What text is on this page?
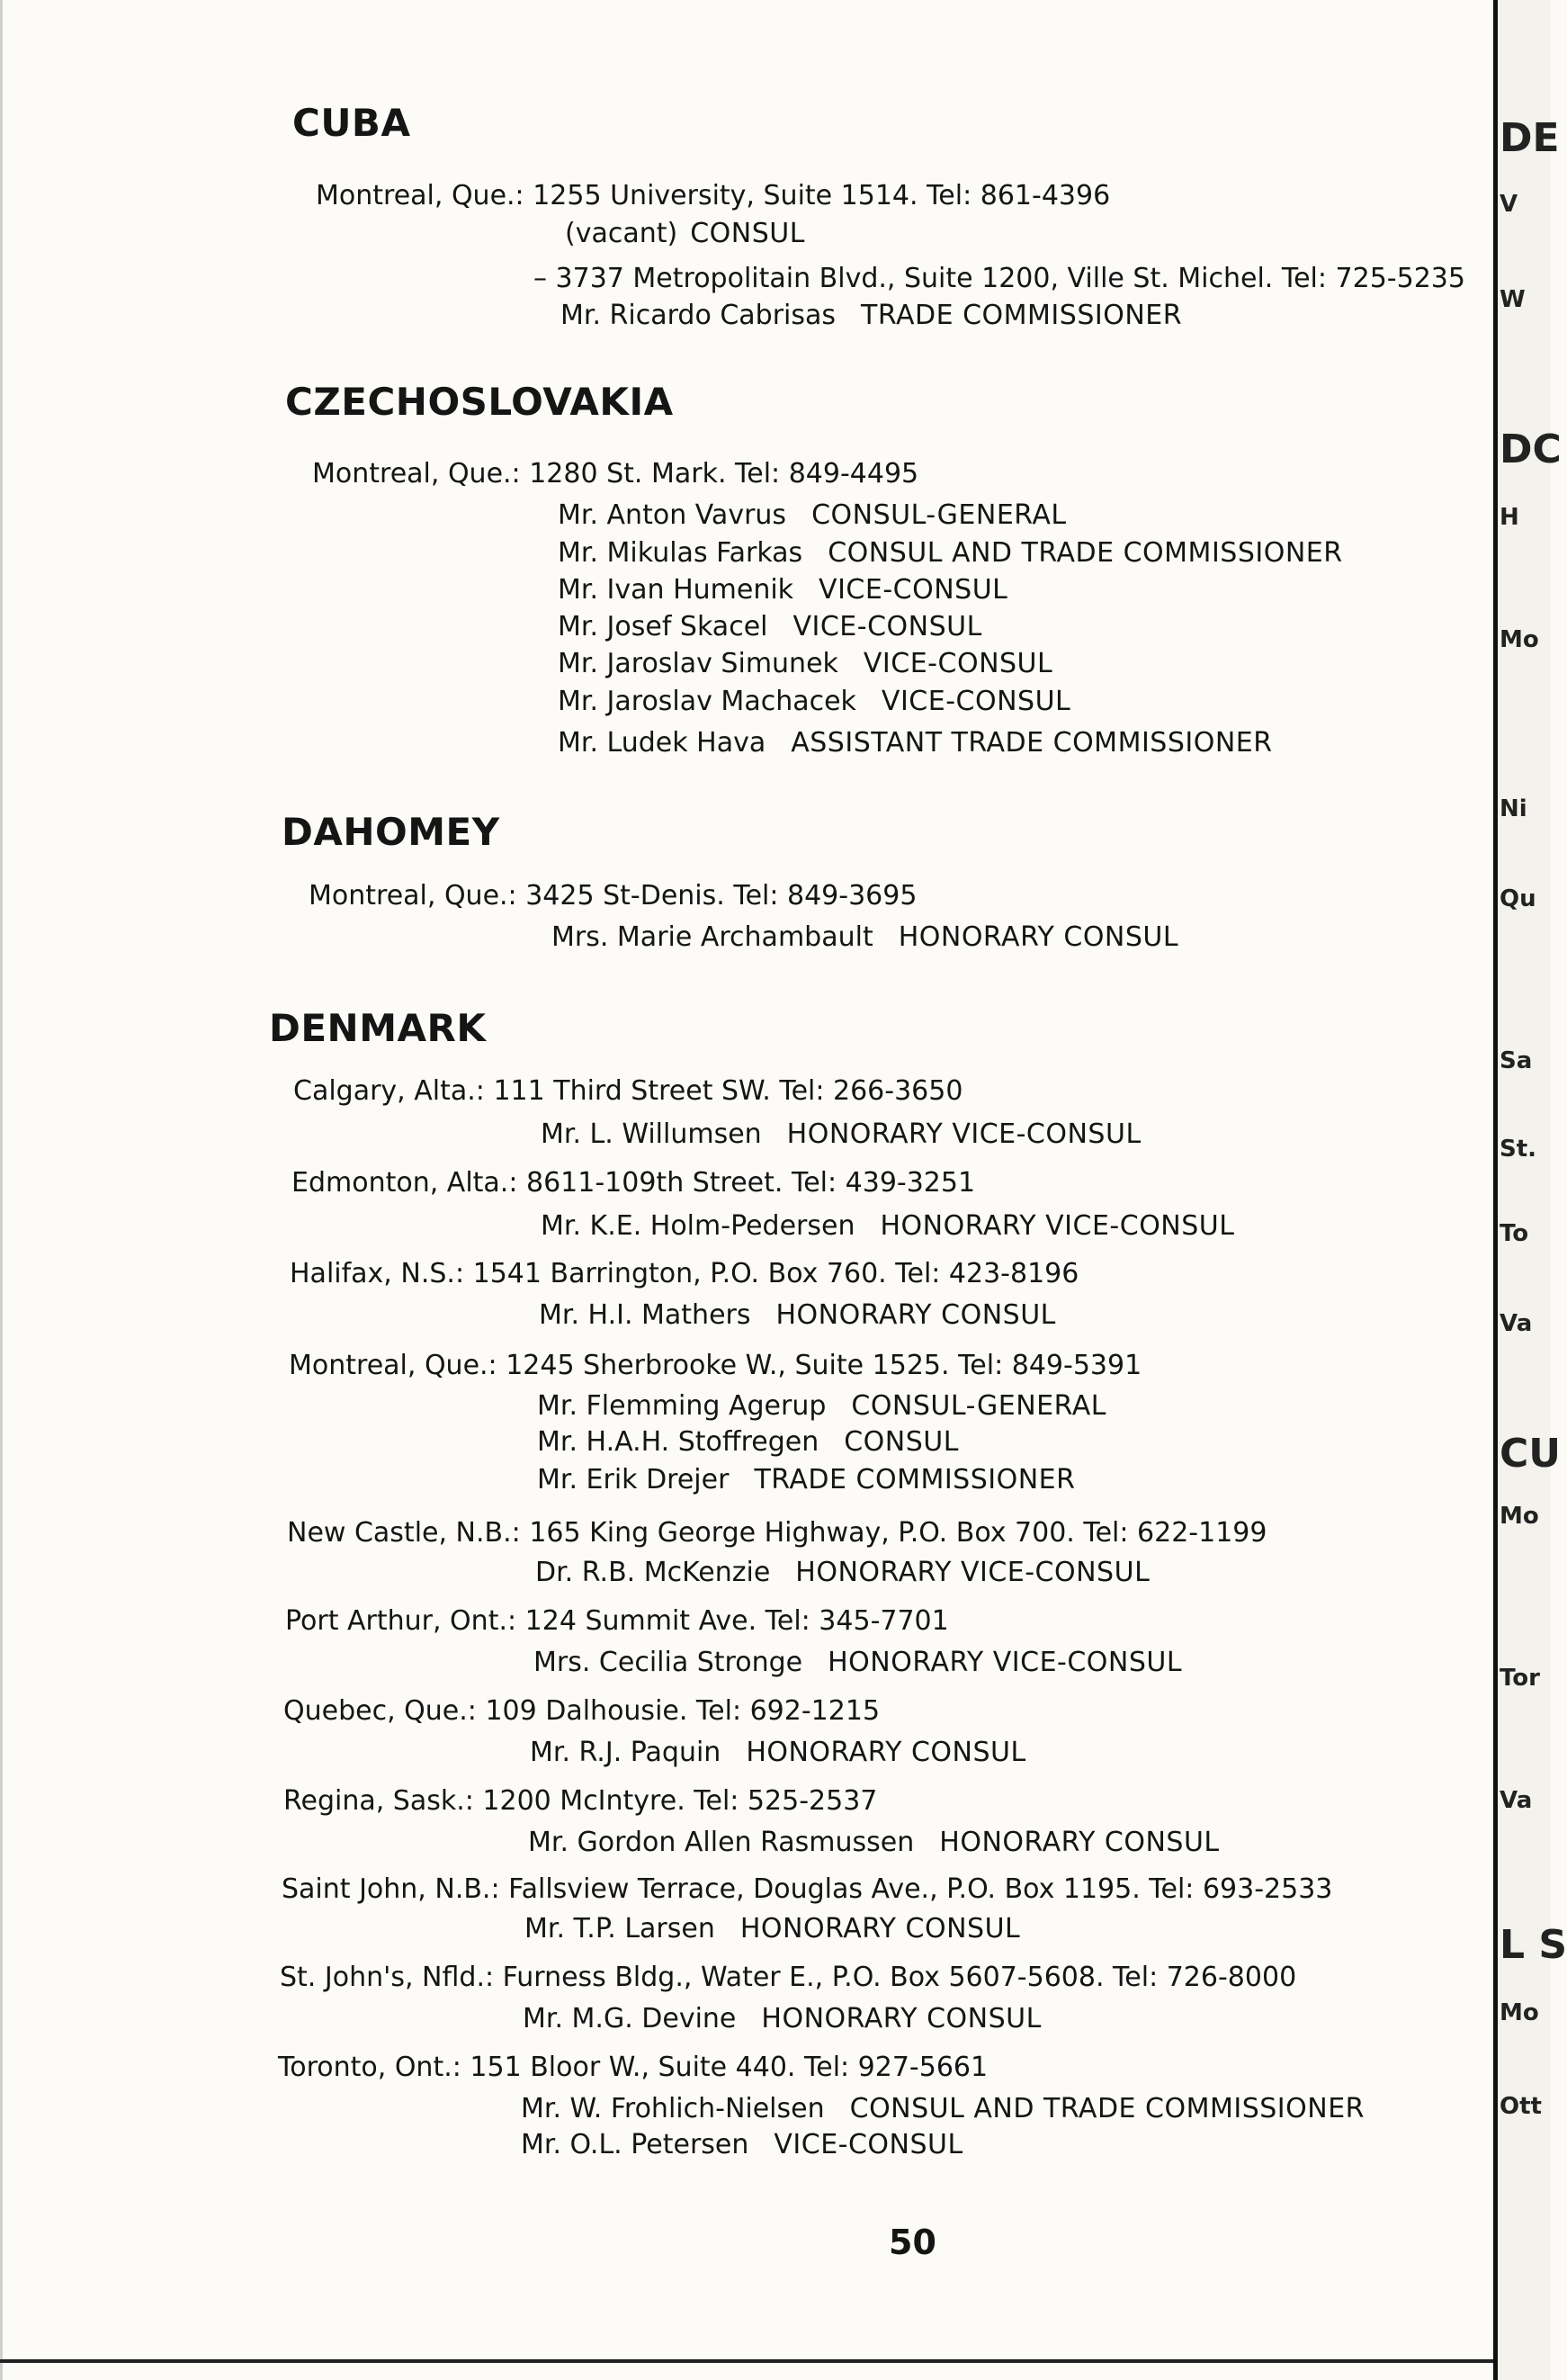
CUBA
Montreal, Que.: 1255 University, Suite 1514. Tel: 861-4396
(vacant) CONSUL
– 3737 Metropolitain Blvd., Suite 1200, Ville St. Michel. Tel: 725-5235
Mr. Ricardo Cabrisas TRADE COMMISSIONER
CZECHOSLOVAKIA
Montreal, Que.: 1280 St. Mark. Tel: 849-4495
Mr. Anton Vavrus CONSUL-GENERAL
Mr. Mikulas Farkas CONSUL AND TRADE COMMISSIONER
Mr. Ivan Humenik VICE-CONSUL
Mr. Josef Skacel VICE-CONSUL
Mr. Jaroslav Simunek VICE-CONSUL
Mr. Jaroslav Machacek VICE-CONSUL
Mr. Ludek Hava ASSISTANT TRADE COMMISSIONER
DAHOMEY
Montreal, Que.: 3425 St-Denis. Tel: 849-3695
Mrs. Marie Archambault HONORARY CONSUL
DENMARK
Calgary, Alta.: 111 Third Street SW. Tel: 266-3650
Mr. L. Willumsen HONORARY VICE-CONSUL
Edmonton, Alta.: 8611-109th Street. Tel: 439-3251
Mr. K.E. Holm-Pedersen HONORARY VICE-CONSUL
Halifax, N.S.: 1541 Barrington, P.O. Box 760. Tel: 423-8196
Mr. H.I. Mathers HONORARY CONSUL
Montreal, Que.: 1245 Sherbrooke W., Suite 1525. Tel: 849-5391
Mr. Flemming Agerup CONSUL-GENERAL
Mr. H.A.H. Stoffregen CONSUL
Mr. Erik Drejer TRADE COMMISSIONER
New Castle, N.B.: 165 King George Highway, P.O. Box 700. Tel: 622-1199
Dr. R.B. McKenzie HONORARY VICE-CONSUL
Port Arthur, Ont.: 124 Summit Ave. Tel: 345-7701
Mrs. Cecilia Stronge HONORARY VICE-CONSUL
Quebec, Que.: 109 Dalhousie. Tel: 692-1215
Mr. R.J. Paquin HONORARY CONSUL
Regina, Sask.: 1200 McIntyre. Tel: 525-2537
Mr. Gordon Allen Rasmussen HONORARY CONSUL
Saint John, N.B.: Fallsview Terrace, Douglas Ave., P.O. Box 1195. Tel: 693-2533
Mr. T.P. Larsen HONORARY CONSUL
St. John's, Nfld.: Furness Bldg., Water E., P.O. Box 5607-5608. Tel: 726-8000
Mr. M.G. Devine HONORARY CONSUL
Toronto, Ont.: 151 Bloor W., Suite 440. Tel: 927-5661
Mr. W. Frohlich-Nielsen CONSUL AND TRADE COMMISSIONER
Mr. O.L. Petersen VICE-CONSUL
50
DE
V
W
DC
H
Mo
Ni
Qu
Sa
St.
To
Va
CU
Mo
Tor
Va
L S
Mo
Ott
